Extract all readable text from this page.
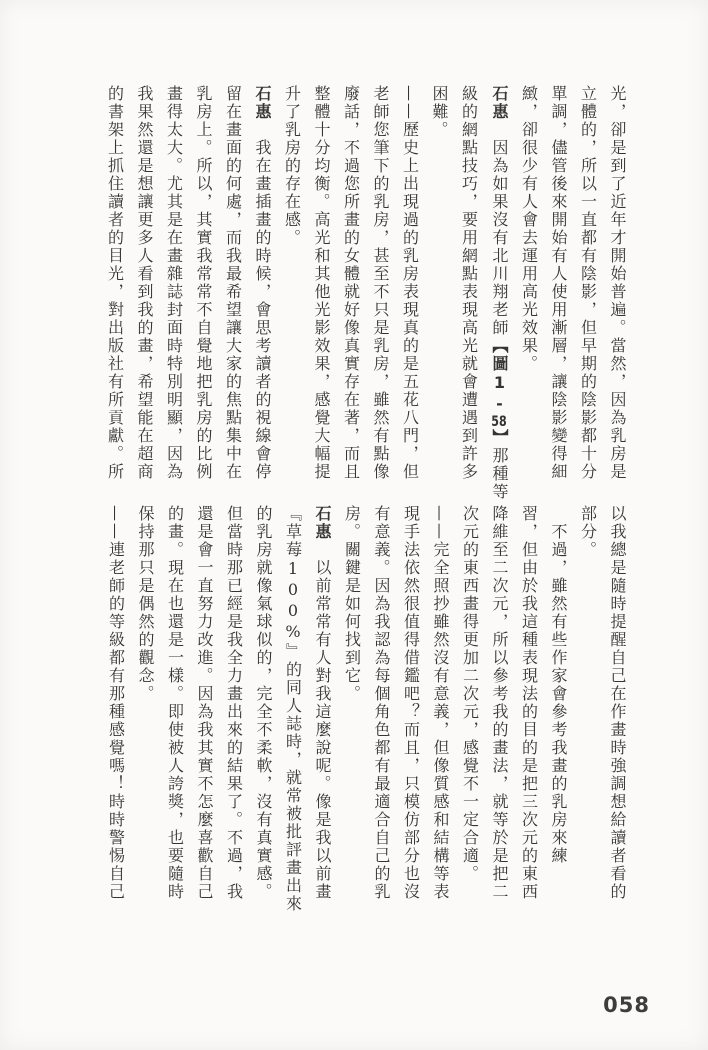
光，卻是到了近年才開始普遍。當然，因為乳房是
立體的，所以一直都有陰影，但早期的陰影都十分
單調，儘管後來開始有人使用漸層，讓陰影變得細
緻，卻很少有人會去運用高光效果。
石惠　因為如果沒有北川翔老師【圖1-58】那種等
級的網點技巧，要用網點表現高光就會遭遇到許多
困難。
——歷史上出現過的乳房表現真的是五花八門，但
老師您筆下的乳房，甚至不只是乳房，雖然有點像
廢話，不過您所畫的女體就好像真實存在著，而且
整體十分均衡。高光和其他光影效果，感覺大幅提
升了乳房的存在感。
石惠　我在畫插畫的時候，會思考讀者的視線會停
留在畫面的何處，而我最希望讓大家的焦點集中在
乳房上。所以，其實我常常不自覺地把乳房的比例
畫得太大。尤其是在畫雜誌封面時特別明顯，因為
我果然還是想讓更多人看到我的畫，希望能在超商
的書架上抓住讀者的目光，對出版社有所貢獻。所
以我總是隨時提醒自己在作畫時強調想給讀者看的
部分。
　不過，雖然有些作家會參考我畫的乳房來練
習，但由於我這種表現法的目的是把三次元的東西
降維至二次元，所以參考我的畫法，就等於是把二
次元的東西畫得更加二次元，感覺不一定合適。
——完全照抄雖然沒有意義，但像質感和結構等表
現手法依然很值得借鑑吧？而且，只模仿部分也沒
有意義。因為我認為每個角色都有最適合自己的乳
房。關鍵是如何找到它。
石惠　以前常常有人對我這麼說呢。像是我以前畫
『草莓100%』的同人誌時，就常被批評畫出來
的乳房就像氣球似的，完全不柔軟，沒有真實感。
但當時那已經是我全力畫出來的結果了。不過，我
還是會一直努力改進。因為我其實不怎麼喜歡自己
的畫。現在也還是一樣。即使被人誇獎，也要隨時
保持那只是偶然的觀念。
——連老師的等級都有那種感覺嗎！時時警惕自己
058
